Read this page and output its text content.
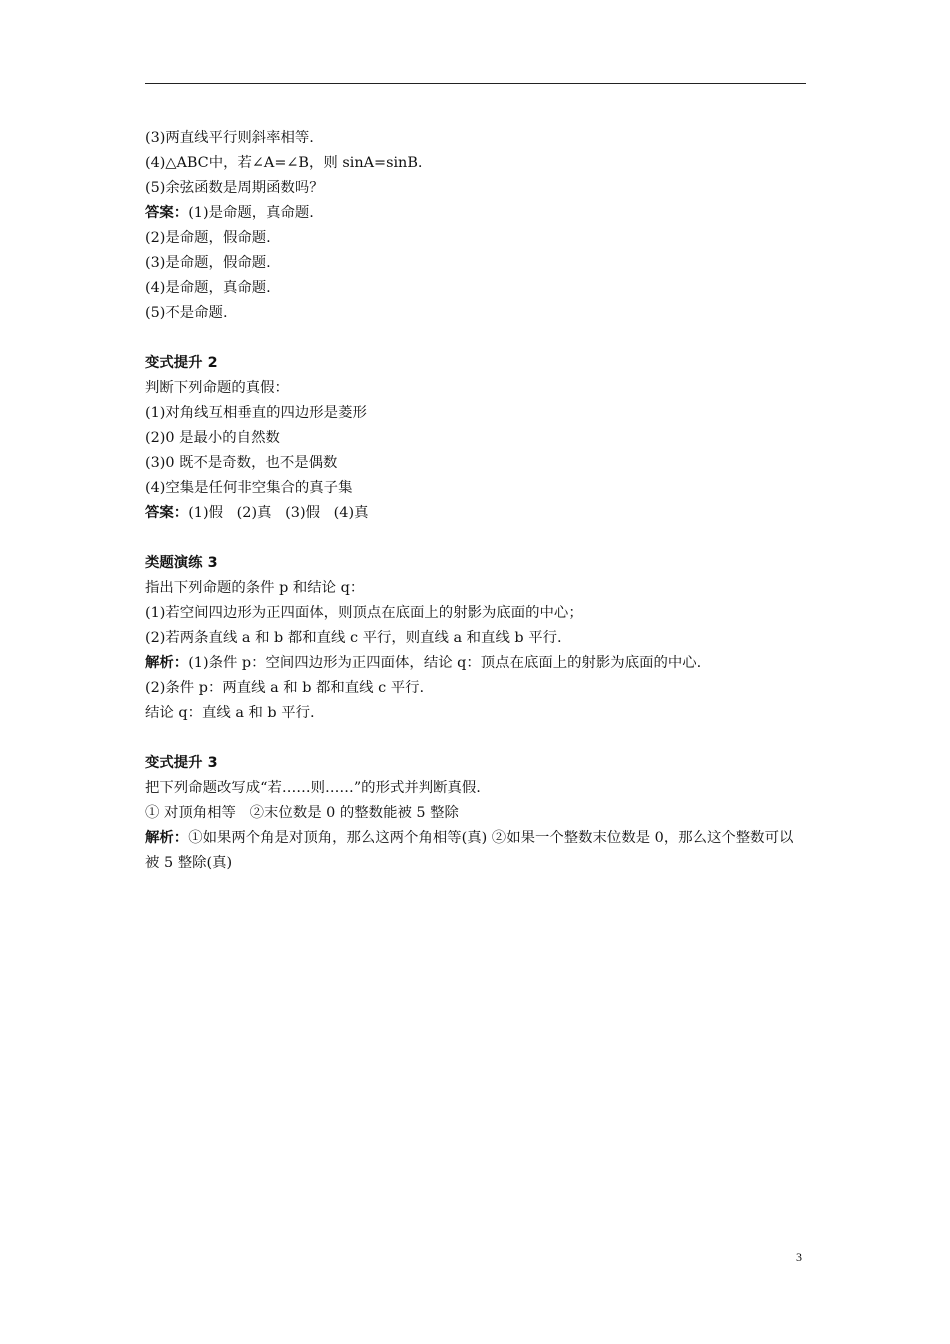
(3)两直线平行则斜率相等.
(4)△ABC中，若∠A=∠B，则 sinA=sinB.
(5)余弦函数是周期函数吗？
答案：(1)是命题，真命题.
(2)是命题，假命题.
(3)是命题，假命题.
(4)是命题，真命题.
(5)不是命题.
变式提升 2
判断下列命题的真假：
(1)对角线互相垂直的四边形是菱形
(2)0 是最小的自然数
(3)0 既不是奇数，也不是偶数
(4)空集是任何非空集合的真子集
答案：(1)假   (2)真   (3)假   (4)真
类题演练 3
指出下列命题的条件 p 和结论 q：
(1)若空间四边形为正四面体，则顶点在底面上的射影为底面的中心；
(2)若两条直线 a 和 b 都和直线 c 平行，则直线 a 和直线 b 平行.
解析：(1)条件 p：空间四边形为正四面体，结论 q：顶点在底面上的射影为底面的中心.
(2)条件 p：两直线 a 和 b 都和直线 c 平行.
结论 q：直线 a 和 b 平行.
变式提升 3
把下列命题改写成“若……则……”的形式并判断真假.
① 对顶角相等   ②末位数是 0 的整数能被 5 整除
解析：①如果两个角是对顶角，那么这两个角相等(真) ②如果一个整数末位数是 0，那么这个整数可以被 5 整除(真)
3
